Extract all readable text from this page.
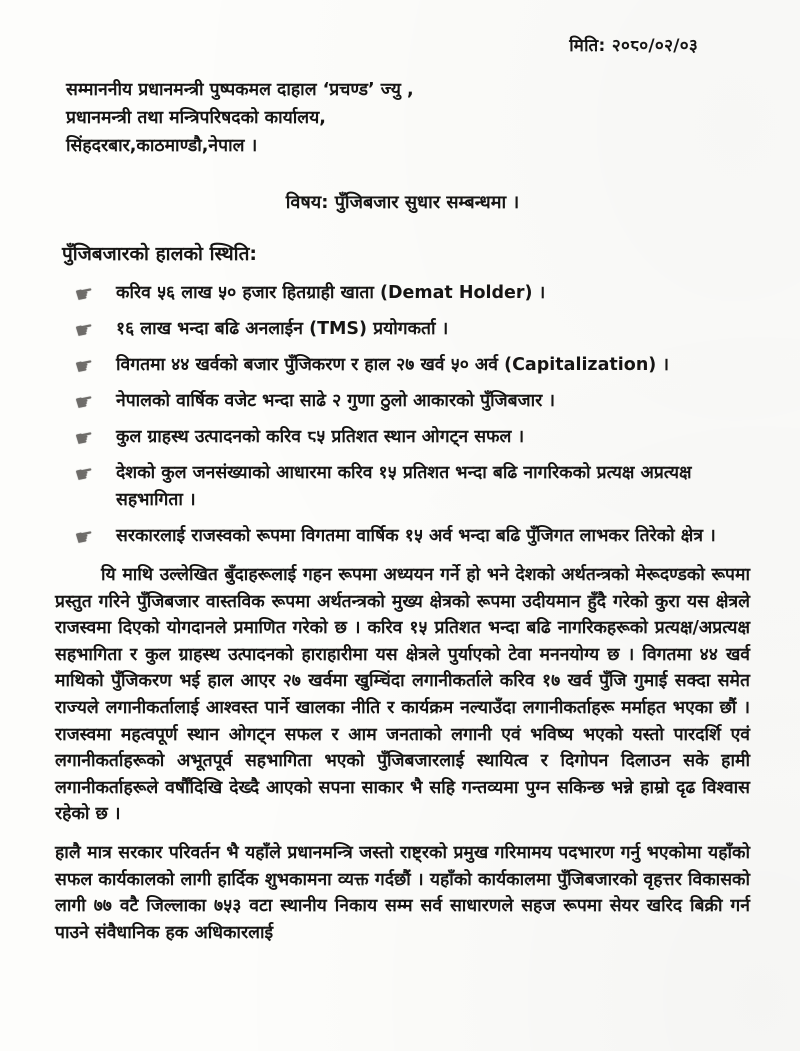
मिति: २०८०/०२/०३
सम्माननीय प्रधानमन्त्री पुष्पकमल दाहाल ‘प्रचण्ड’ ज्यु ,
प्रधानमन्त्री तथा मन्त्रिपरिषदको कार्यालय,
सिंहदरबार,काठमाण्डौ,नेपाल ।
विषय: पुँजिबजार सुधार सम्बन्धमा ।
पुँजिबजारको हालको स्थिति:
☛	करिव ५६ लाख ५० हजार हितग्राही खाता (Demat Holder) ।
☛	१६ लाख भन्दा बढि अनलाईन (TMS) प्रयोगकर्ता ।
☛	विगतमा ४४ खर्वको बजार पुँजिकरण र हाल २७ खर्व ५० अर्व (Capitalization) ।
☛	नेपालको वार्षिक वजेट भन्दा साढे २ गुणा ठुलो आकारको पुँजिबजार ।
☛	कुल ग्राहस्थ उत्पादनको करिव ८५ प्रतिशत स्थान ओगट्न सफल ।
☛	देशको कुल जनसंख्याको आधारमा करिव १५ प्रतिशत भन्दा बढि नागरिकको प्रत्यक्ष अप्रत्यक्ष सहभागिता ।
☛	सरकारलाई राजस्वको रूपमा विगतमा वार्षिक १५ अर्व भन्दा बढि पुँजिगत लाभकर तिरेको क्षेत्र ।
यि माथि उल्लेखित बुँदाहरूलाई गहन रूपमा अध्ययन गर्ने हो भने देशको अर्थतन्त्रको मेरूदण्डको रूपमा प्रस्तुत गरिने पुँजिबजार वास्तविक रूपमा अर्थतन्त्रको मुख्य क्षेत्रको रूपमा उदीयमान हुँदै गरेको कुरा यस क्षेत्रले राजस्वमा दिएको योगदानले प्रमाणित गरेको छ । करिव १५ प्रतिशत भन्दा बढि नागरिकहरूको प्रत्यक्ष/अप्रत्यक्ष सहभागिता र कुल ग्राहस्थ उत्पादनको हाराहारीमा यस क्षेत्रले पुर्याएको टेवा मननयोग्य छ । विगतमा ४४ खर्व माथिको पुँजिकरण भई हाल आएर २७ खर्वमा खुम्चिंदा लगानीकर्ताले करिव १७ खर्व पुँजि गुमाई सक्दा समेत राज्यले लगानीकर्तालाई आश्वस्त पार्ने खालका नीति र कार्यक्रम नल्याउँदा लगानीकर्ताहरू मर्माहत भएका छौं । राजस्वमा महत्वपूर्ण स्थान ओगट्न सफल र आम जनताको लगानी एवं भविष्य भएको यस्तो पारदर्शि एवं लगानीकर्ताहरूको अभूतपूर्व सहभागिता भएको पुँजिबजारलाई स्थायित्व र दिगोपन दिलाउन सके हामी लगानीकर्ताहरूले वर्षौंदिखि देख्दै आएको सपना साकार भै सहि गन्तव्यमा पुग्न सकिन्छ भन्ने हाम्रो दृढ विश्वास रहेको छ ।
हालै मात्र सरकार परिवर्तन भै यहाँले प्रधानमन्त्रि जस्तो राष्ट्रको प्रमुख गरिमामय पदभारण गर्नु भएकोमा यहाँको सफल कार्यकालको लागी हार्दिक शुभकामना व्यक्त गर्दछौं । यहाँको कार्यकालमा पुँजिबजारको वृहत्तर विकासको लागी ७७ वटै जिल्लाका ७५३ वटा स्थानीय निकाय सम्म सर्व साधारणले सहज रूपमा सेयर खरिद बिक्री गर्न पाउने संवैधानिक हक अधिकारलाई
